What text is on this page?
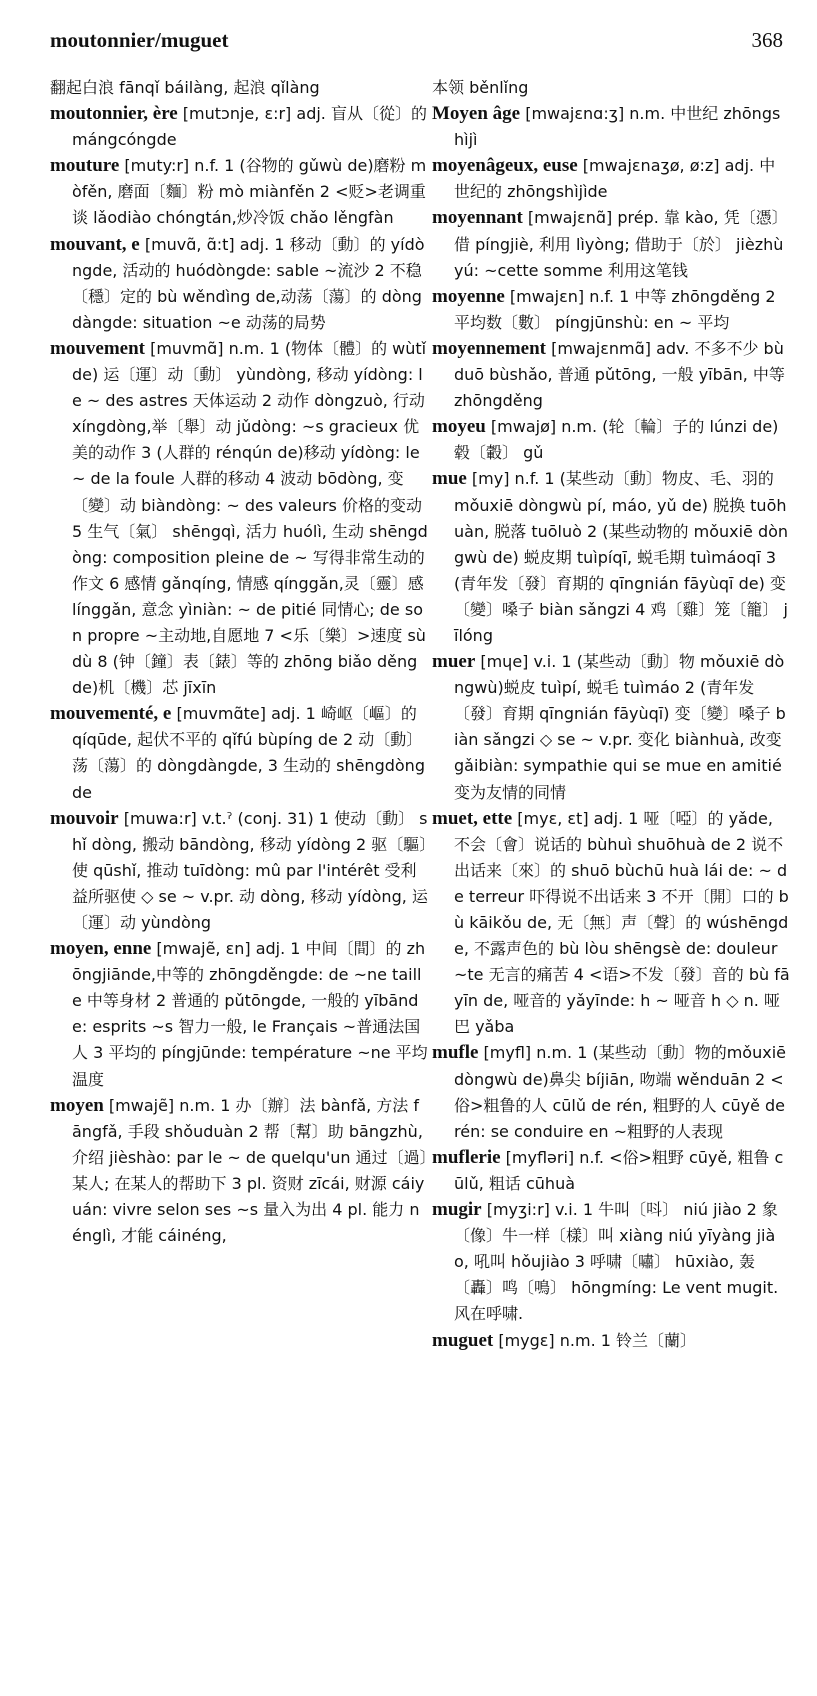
moutonnier/muguet	368

翻起白浪 fānqǐ báilàng, 起浪 qǐlàng

moutonnier, ère [mutɔnje, ɛ:r] adj. 盲从〔從〕的 mángcóngde

mouture [muty:r] n.f. 1 (谷物的 gǔwù de)磨粉 mòfěn, 磨面〔麵〕粉 mò miànfěn 2 <贬>老调重谈 lǎodiào chóngtán,炒冷饭 chǎo lěngfàn

mouvant, e [muvɑ̃, ɑ̃:t] adj. 1 移动〔動〕的 yídòngde, 活动的 huódòngde: sable ~流沙 2 不稳〔穩〕定的 bù wěndìng de,动荡〔蕩〕的 dòngdàngde: situation ~e 动荡的局势

mouvement [muvmɑ̃] n.m. 1 (物体〔體〕的 wùtǐ de) 运〔運〕动〔動〕 yùndòng, 移动 yídòng: le ~ des astres 天体运动 2 动作 dòngzuò, 行动 xíngdòng,举〔舉〕动 jǔdòng: ~s gracieux 优美的动作 3 (人群的 rénqún de)移动 yídòng: le ~ de la foule 人群的移动 4 波动 bōdòng, 变〔變〕动 biàndòng: ~ des valeurs 价格的变动 5 生气〔氣〕 shēngqì, 活力 huólì, 生动 shēngdòng: composition pleine de ~ 写得非常生动的作文 6 感情 gǎnqíng, 情感 qínggǎn,灵〔靈〕感 línggǎn, 意念 yìniàn: ~ de pitié 同情心; de son propre ~主动地,自愿地 7 <乐〔樂〕>速度 sùdù 8 (钟〔鐘〕表〔錶〕等的 zhōng biǎo děng de)机〔機〕芯 jīxīn

mouvementé, e [muvmɑ̃te] adj. 1 崎岖〔嶇〕的 qíqūde, 起伏不平的 qǐfú bùpíng de 2 动〔動〕荡〔蕩〕的 dòngdàngde, 3 生动的 shēngdòngde

mouvoir [muwa:r] v.t.ˀ (conj. 31) 1 使动〔動〕 shǐ dòng, 搬动 bāndòng, 移动 yídòng 2 驱〔驅〕使 qūshǐ, 推动 tuīdòng: mû par l'intérêt 受利益所驱使 ◇ se ~ v.pr. 动 dòng, 移动 yídòng, 运〔運〕动 yùndòng

moyen, enne [mwajẽ, ɛn] adj. 1 中间〔間〕的 zhōngjiānde,中等的 zhōngděngde: de ~ne taille 中等身材 2 普通的 pǔtōngde, 一般的 yībānde: esprits ~s 智力一般, le Français ~普通法国人 3 平均的 píngjūnde: température ~ne 平均温度

moyen [mwajẽ] n.m. 1 办〔辦〕法 bànfǎ, 方法 fāngfǎ, 手段 shǒuduàn 2 帮〔幫〕助 bāngzhù, 介绍 jièshào: par le ~ de quelqu'un 通过〔過〕某人; 在某人的帮助下 3 pl. 资财 zīcái, 财源 cáiyuán: vivre selon ses ~s 量入为出 4 pl. 能力 nénglì, 才能 cáinéng,

本领 běnlǐng

Moyen âge [mwajɛnɑ:ʒ] n.m. 中世纪 zhōngshìjì

moyenâgeux, euse [mwajɛnaʒø, ø:z] adj. 中世纪的 zhōngshìjìde

moyennant [mwajɛnɑ̃] prép. 靠 kào, 凭〔憑〕借 píngjiè, 利用 lìyòng; 借助于〔於〕 jièzhùyú: ~cette somme 利用这笔钱

moyenne [mwajɛn] n.f. 1 中等 zhōngděng 2 平均数〔數〕 píngjūnshù: en ~ 平均

moyennement [mwajɛnmɑ̃] adv. 不多不少 bùduō bùshǎo, 普通 pǔtōng, 一般 yībān, 中等 zhōngděng

moyeu [mwajø] n.m. (轮〔輪〕子的 lúnzi de) 毂〔轂〕 gǔ

mue [my] n.f. 1 (某些动〔動〕物皮、毛、羽的 mǒuxiē dòngwù pí, máo, yǔ de) 脱换 tuōhuàn, 脱落 tuōluò 2 (某些动物的 mǒuxiē dòngwù de) 蜕皮期 tuìpíqī, 蜕毛期 tuìmáoqī 3 (青年发〔發〕育期的 qīngnián fāyùqī de) 变〔變〕嗓子 biàn sǎngzi 4 鸡〔雞〕笼〔籠〕 jīlóng

muer [mɥe] v.i. 1 (某些动〔動〕物 mǒuxiē dòngwù)蜕皮 tuìpí, 蜕毛 tuìmáo 2 (青年发〔發〕育期 qīngnián fāyùqī) 变〔變〕嗓子 biàn sǎngzi ◇ se ~ v.pr. 变化 biànhuà, 改变 gǎibiàn: sympathie qui se mue en amitié 变为友情的同情

muet, ette [myɛ, ɛt] adj. 1 哑〔啞〕的 yǎde, 不会〔會〕说话的 bùhuì shuōhuà de 2 说不出话来〔來〕的 shuō bùchū huà lái de: ~ de terreur 吓得说不出话来 3 不开〔開〕口的 bù kāikǒu de, 无〔無〕声〔聲〕的 wúshēngde, 不露声色的 bù lòu shēngsè de: douleur ~te 无言的痛苦 4 <语>不发〔發〕音的 bù fāyīn de, 哑音的 yǎyīnde: h ~ 哑音 h ◇ n. 哑巴 yǎba

mufle [myfl] n.m. 1 (某些动〔動〕物的mǒuxiē dòngwù de)鼻尖 bíjiān, 吻端 wěnduān 2 <俗>粗鲁的人 cūlǔ de rén, 粗野的人 cūyě de rén: se conduire en ~粗野的人表现

muflerie [myflǝri] n.f. <俗>粗野 cūyě, 粗鲁 cūlǔ, 粗话 cūhuà

mugir [myʒi:r] v.i. 1 牛叫〔呌〕 niú jiào 2 象〔像〕牛一样〔樣〕叫 xiàng niú yīyàng jiào, 吼叫 hǒujiào 3 呼啸〔嘯〕 hūxiào, 轰〔轟〕鸣〔鳴〕 hōngmíng: Le vent mugit. 风在呼啸.

muguet [mygɛ] n.m. 1 铃兰〔蘭〕
